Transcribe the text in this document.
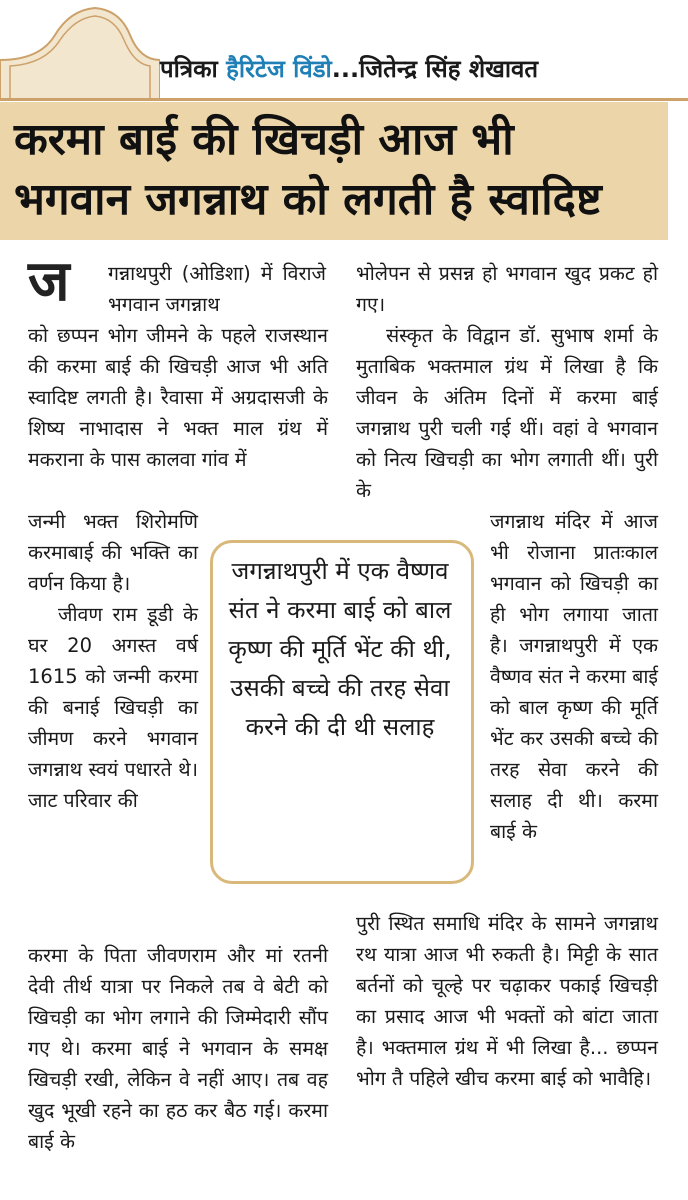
पत्रिका हैरिटेज विंडो...जितेन्द्र सिंह शेखावत
करमा बाई की खिचड़ी आज भी
भगवान जगन्नाथ को लगती है स्वादिष्ट
ज गन्नाथपुरी (ओडिशा) में विराजे भगवान जगन्नाथ
को छप्पन भोग जीमने के पहले राजस्थान की करमा बाई की खिचड़ी आज भी अति स्वादिष्ट लगती है। रैवासा में अग्रदासजी के शिष्य नाभादास ने भक्त माल ग्रंथ में मकराना के पास कालवा गांव में

जन्मी भक्त शिरोमणि करमाबाई की भक्ति का वर्णन किया है।

जीवण राम डूडी के घर 20 अगस्त वर्ष 1615 को जन्मी करमा की बनाई खिचड़ी का जीमण करने भगवान जगन्नाथ स्वयं पधारते थे। जाट परिवार की

करमा के पिता जीवणराम और मां रतनी देवी तीर्थ यात्रा पर निकले तब वे बेटी को खिचड़ी का भोग लगाने की जिम्मेदारी सौंप गए थे। करमा बाई ने भगवान के समक्ष खिचड़ी रखी, लेकिन वे नहीं आए। तब वह खुद भूखी रहने का हठ कर बैठ गई। करमा बाई के

भोलेपन से प्रसन्न हो भगवान खुद प्रकट हो गए।

संस्कृत के विद्वान डॉ. सुभाष शर्मा के मुताबिक भक्तमाल ग्रंथ में लिखा है कि जीवन के अंतिम दिनों में करमा बाई जगन्नाथ पुरी चली गई थीं। वहां वे भगवान को नित्य खिचड़ी का भोग लगाती थीं। पुरी के

जगन्नाथ मंदिर में आज भी रोजाना प्रातःकाल भगवान को खिचड़ी का ही भोग लगाया जाता है। जगन्नाथपुरी में एक वैष्णव संत ने करमा बाई को बाल कृष्ण की मूर्ति भेंट कर उसकी बच्चे की तरह सेवा करने की सलाह दी थी। करमा बाई के
पुरी स्थित समाधि मंदिर के सामने जगन्नाथ रथ यात्रा आज भी रुकती है। मिट्टी के सात बर्तनों को चूल्हे पर चढ़ाकर पकाई खिचड़ी का प्रसाद आज भी भक्तों को बांटा जाता है। भक्तमाल ग्रंथ में भी लिखा है... छप्पन भोग तै पहिले खीच करमा बाई को भावैहि।
जगन्नाथपुरी में एक वैष्णव संत ने करमा बाई को बाल कृष्ण की मूर्ति भेंट की थी, उसकी बच्चे की तरह सेवा करने की दी थी सलाह
